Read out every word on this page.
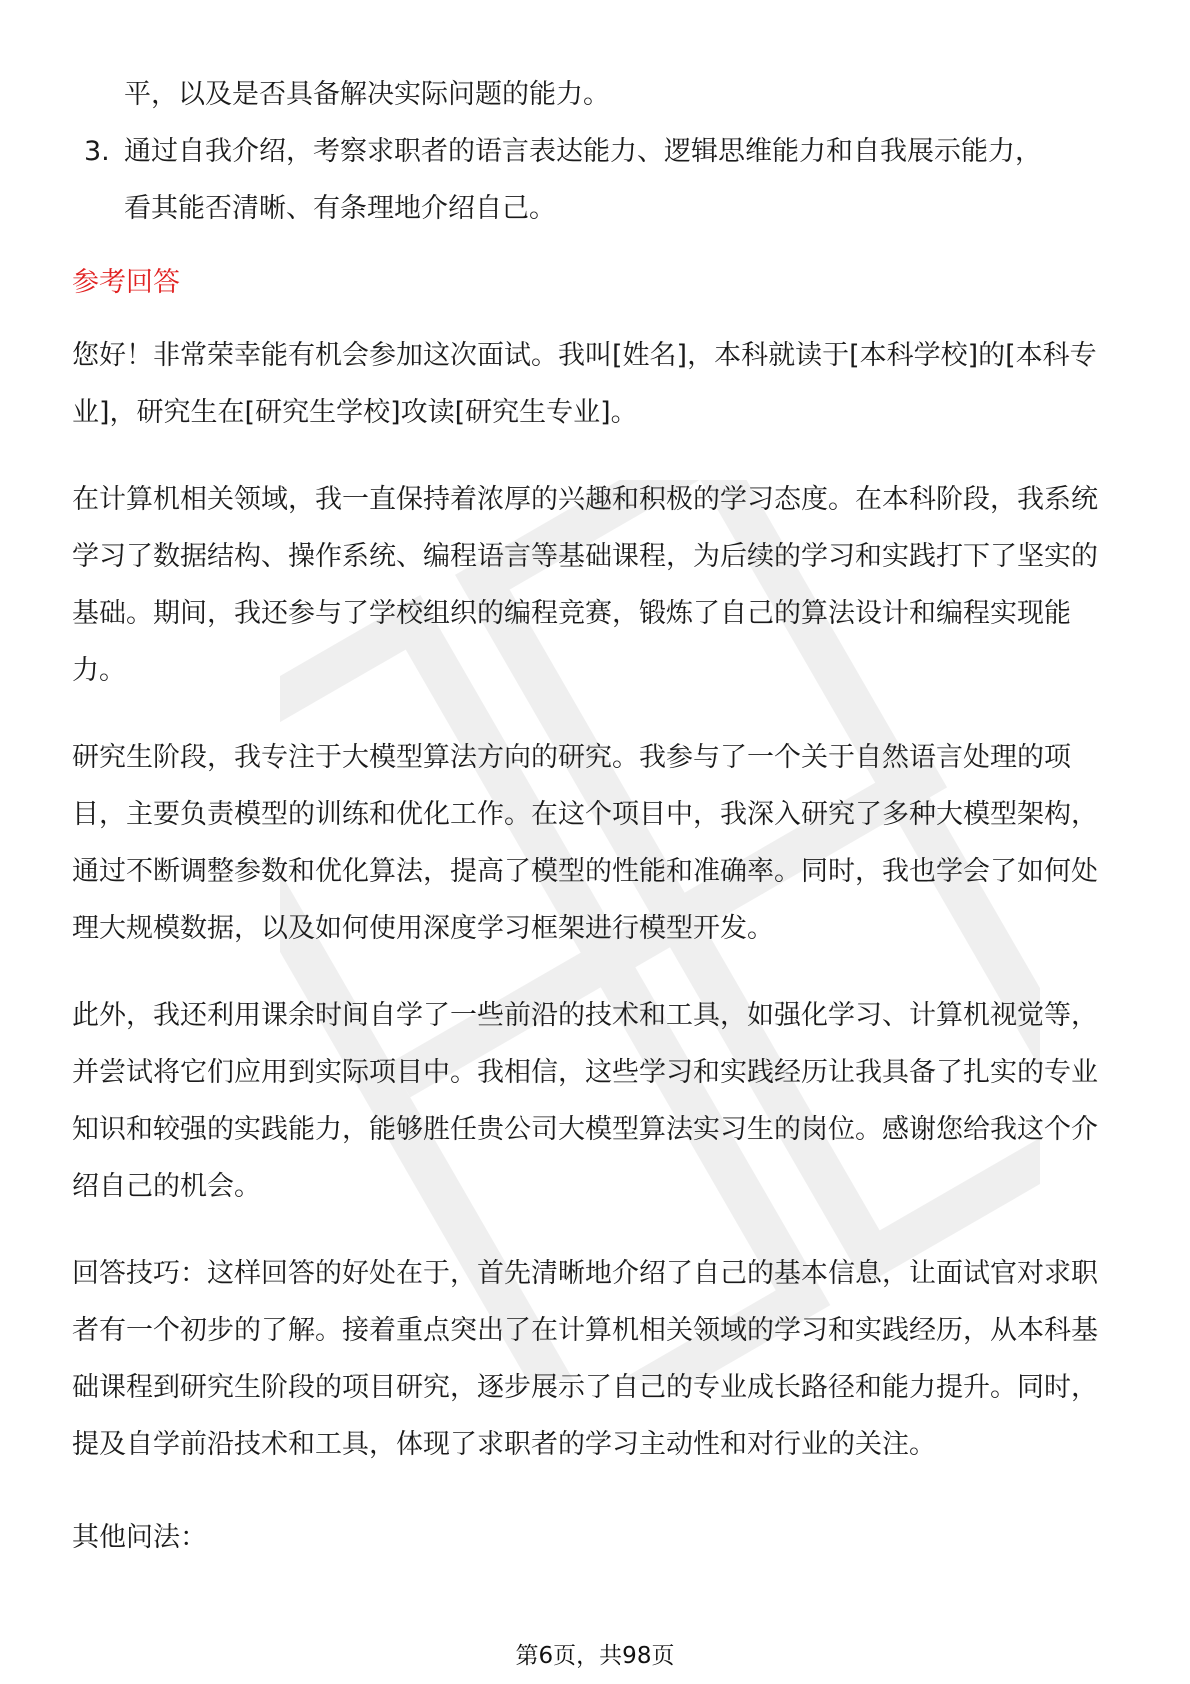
平，以及是否具备解决实际问题的能力。
3. 通过自我介绍，考察求职者的语言表达能力、逻辑思维能力和自我展示能力，
看其能否清晰、有条理地介绍自己。
参考回答

您好！非常荣幸能有机会参加这次面试。我叫[姓名]，本科就读于[本科学校]的[本科专业]，研究生在[研究生学校]攻读[研究生专业]。

在计算机相关领域，我一直保持着浓厚的兴趣和积极的学习态度。在本科阶段，我系统学习了数据结构、操作系统、编程语言等基础课程，为后续的学习和实践打下了坚实的基础。期间，我还参与了学校组织的编程竞赛，锻炼了自己的算法设计和编程实现能力。

研究生阶段，我专注于大模型算法方向的研究。我参与了一个关于自然语言处理的项目，主要负责模型的训练和优化工作。在这个项目中，我深入研究了多种大模型架构，通过不断调整参数和优化算法，提高了模型的性能和准确率。同时，我也学会了如何处理大规模数据，以及如何使用深度学习框架进行模型开发。

此外，我还利用课余时间自学了一些前沿的技术和工具，如强化学习、计算机视觉等，并尝试将它们应用到实际项目中。我相信，这些学习和实践经历让我具备了扎实的专业知识和较强的实践能力，能够胜任贵公司大模型算法实习生的岗位。感谢您给我这个介绍自己的机会。

回答技巧：这样回答的好处在于，首先清晰地介绍了自己的基本信息，让面试官对求职者有一个初步的了解。接着重点突出了在计算机相关领域的学习和实践经历，从本科基础课程到研究生阶段的项目研究，逐步展示了自己的专业成长路径和能力提升。同时，提及自学前沿技术和工具，体现了求职者的学习主动性和对行业的关注。

其他问法：

第6页，共98页
